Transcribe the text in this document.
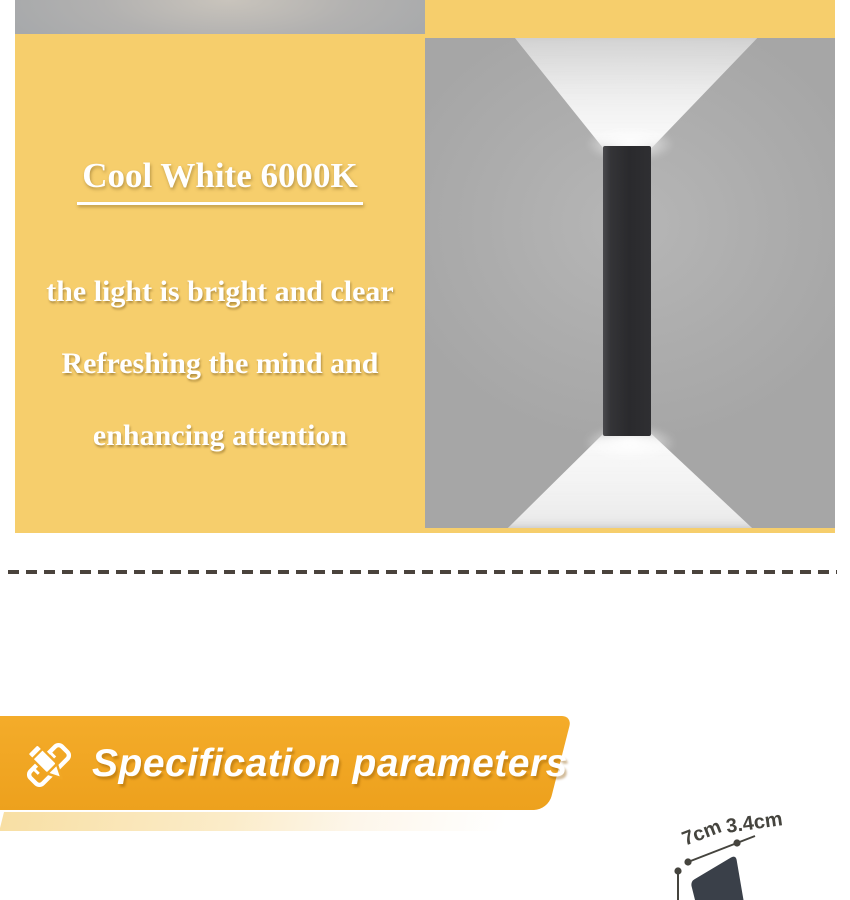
Cool White 6000K
the light is bright and clear
Refreshing the mind and
enhancing attention
Specification parameters
7cm 3.4cm
